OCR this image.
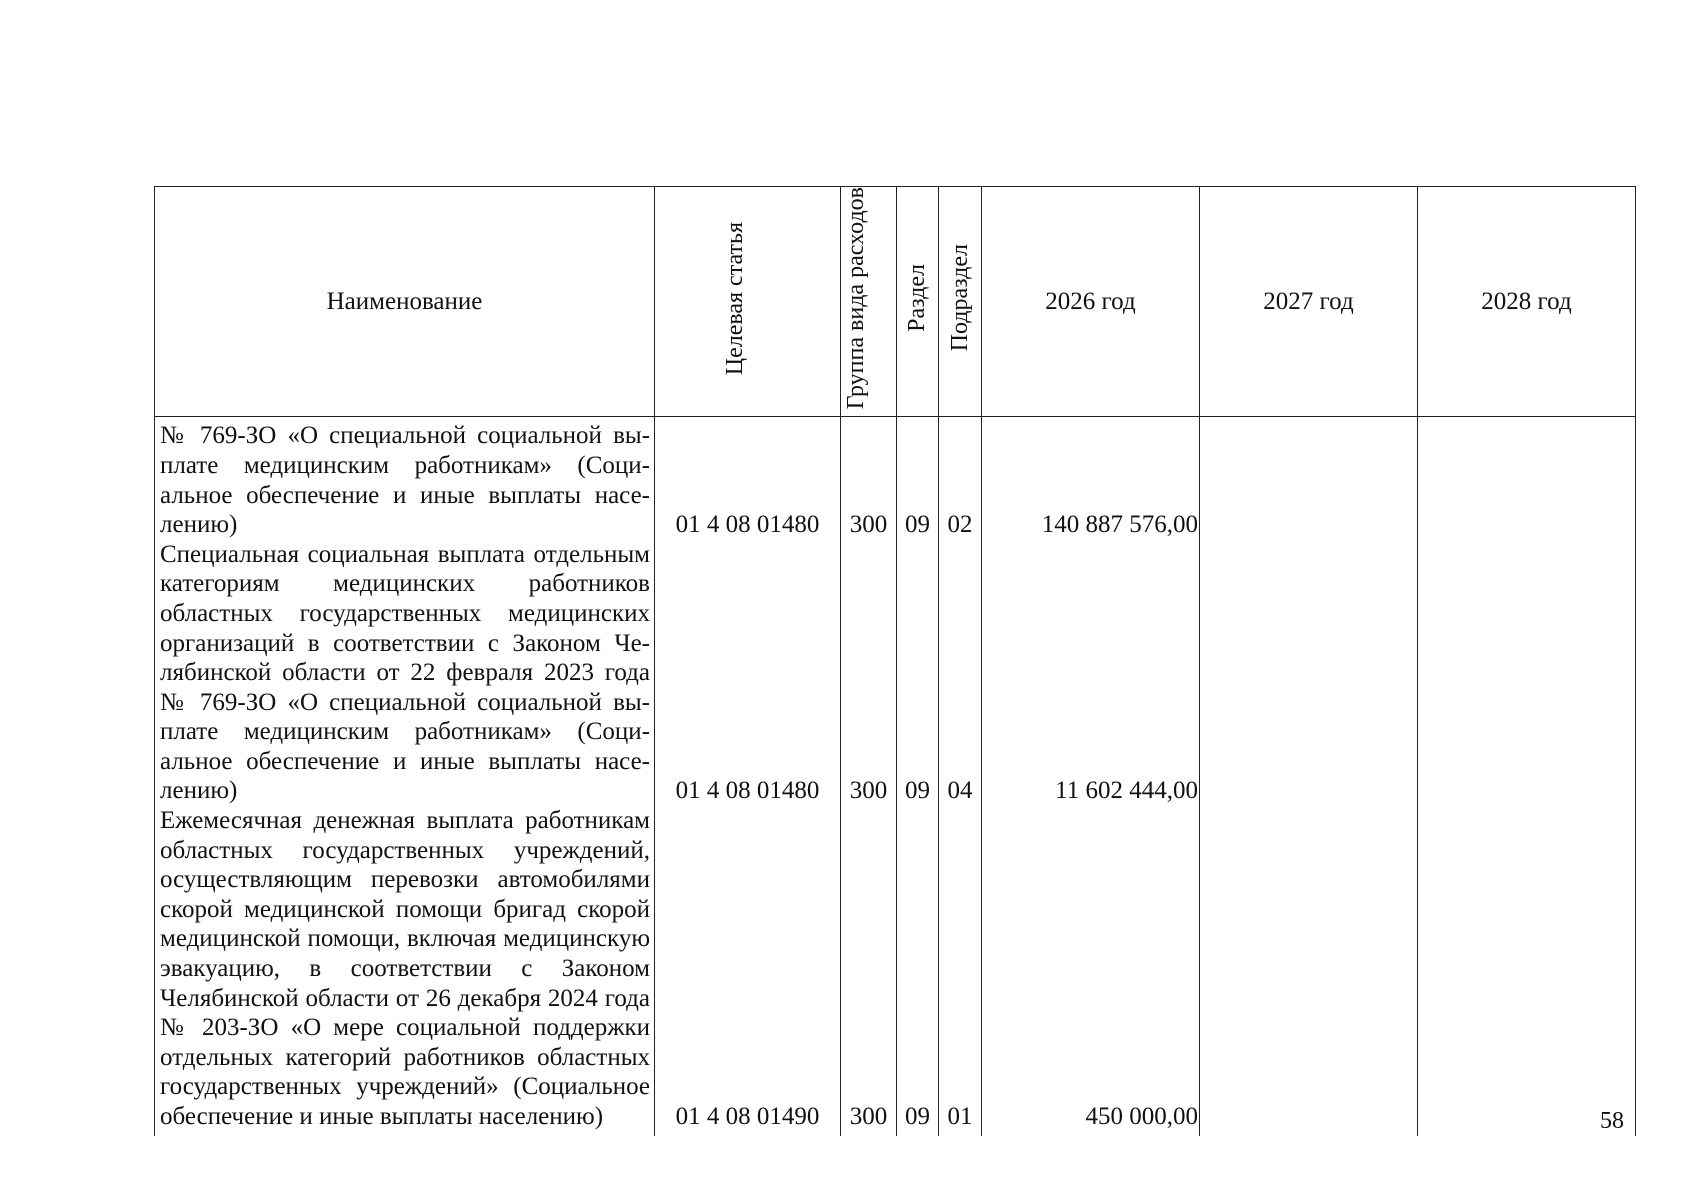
Наименование	Целевая статья	Группа вида расходов	Раздел	Подраздел	2026 год	2027 год	2028 год
№ 769-ЗО «О специальной социальной выплате медицинским работникам» (Социальное обеспечение и иные выплаты населению)	01 4 08 01480	300	09	02	140 887 576,00		
Специальная социальная выплата отдельным категориям медицинских работников областных государственных медицинских организаций в соответствии с Законом Челябинской области от 22 февраля 2023 года № 769-ЗО «О специальной социальной выплате медицинским работникам» (Социальное обеспечение и иные выплаты населению)	01 4 08 01480	300	09	04	11 602 444,00		
Ежемесячная денежная выплата работникам областных государственных учреждений, осуществляющим перевозки автомобилями скорой медицинской помощи бригад скорой медицинской помощи, включая медицинскую эвакуацию, в соответствии с Законом Челябинской области от 26 декабря 2024 года № 203-ЗО «О мере социальной поддержки отдельных категорий работников областных государственных учреждений» (Социальное обеспечение и иные выплаты населению)	01 4 08 01490	300	09	01	450 000,00			58
